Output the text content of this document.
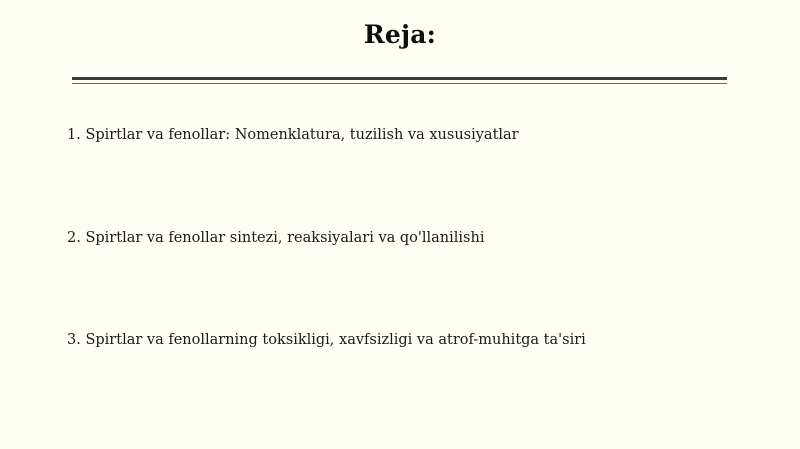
Reja:
1. Spirtlar va fenollar: Nomenklatura, tuzilish va xususiyatlar
2. Spirtlar va fenollar sintezi, reaksiyalari va qo'llanilishi
3. Spirtlar va fenollarning toksikligi, xavfsizligi va atrof-muhitga ta'siri
